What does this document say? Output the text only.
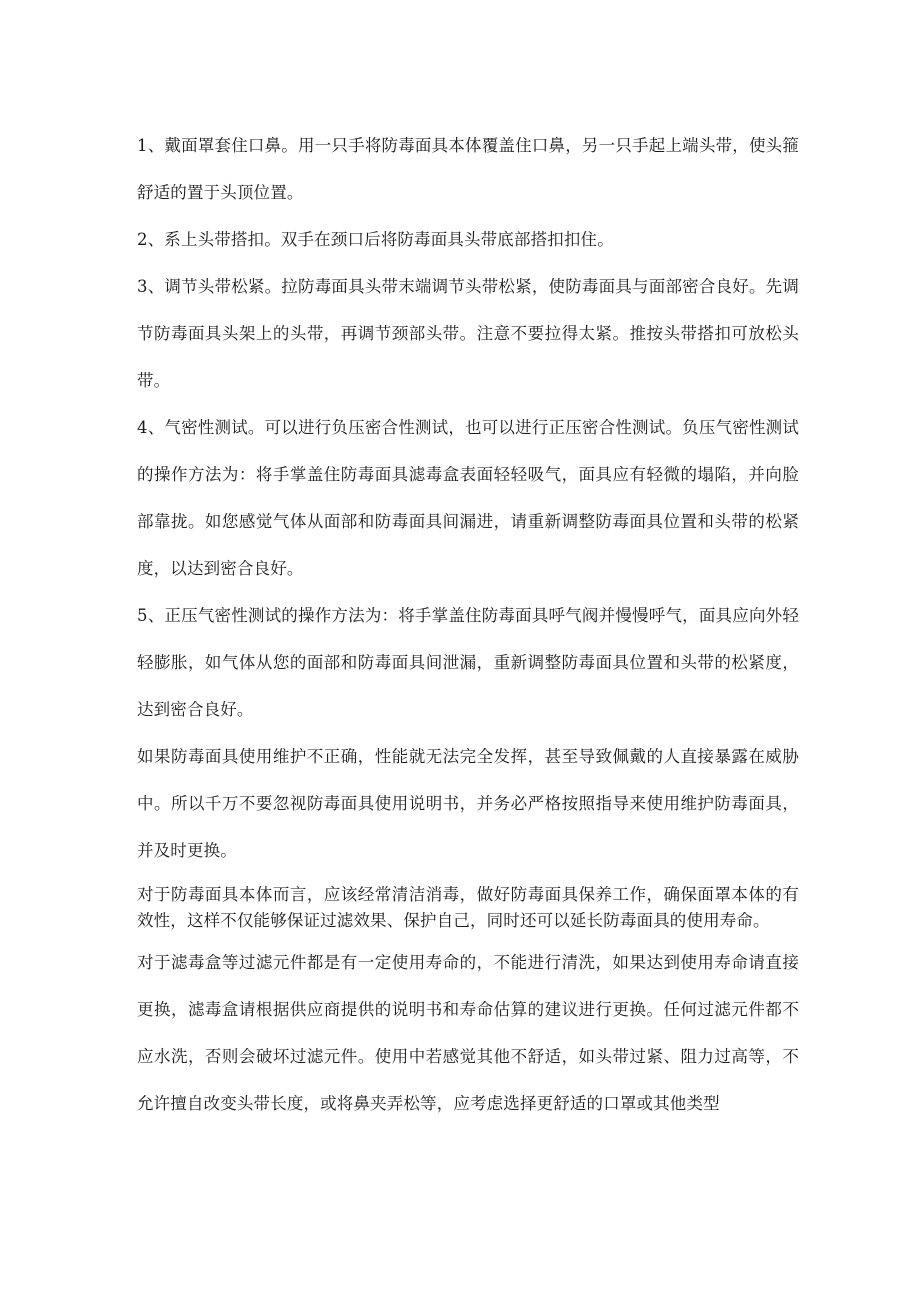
1、戴面罩套住口鼻。用一只手将防毒面具本体覆盖住口鼻，另一只手起上端头带，使头箍舒适的置于头顶位置。

2、系上头带搭扣。双手在颈口后将防毒面具头带底部搭扣扣住。

3、调节头带松紧。拉防毒面具头带末端调节头带松紧，使防毒面具与面部密合良好。先调节防毒面具头架上的头带，再调节颈部头带。注意不要拉得太紧。推按头带搭扣可放松头带。

4、气密性测试。可以进行负压密合性测试，也可以进行正压密合性测试。负压气密性测试的操作方法为：将手掌盖住防毒面具滤毒盒表面轻轻吸气，面具应有轻微的塌陷，并向脸部靠拢。如您感觉气体从面部和防毒面具间漏进，请重新调整防毒面具位置和头带的松紧度，以达到密合良好。

5、正压气密性测试的操作方法为：将手掌盖住防毒面具呼气阀并慢慢呼气，面具应向外轻轻膨胀，如气体从您的面部和防毒面具间泄漏，重新调整防毒面具位置和头带的松紧度，达到密合良好。

如果防毒面具使用维护不正确，性能就无法完全发挥，甚至导致佩戴的人直接暴露在威胁中。所以千万不要忽视防毒面具使用说明书，并务必严格按照指导来使用维护防毒面具，并及时更换。

对于防毒面具本体而言，应该经常清洁消毒，做好防毒面具保养工作，确保面罩本体的有效性，这样不仅能够保证过滤效果、保护自己，同时还可以延长防毒面具的使用寿命。

对于滤毒盒等过滤元件都是有一定使用寿命的，不能进行清洗，如果达到使用寿命请直接更换，滤毒盒请根据供应商提供的说明书和寿命估算的建议进行更换。任何过滤元件都不应水洗，否则会破坏过滤元件。使用中若感觉其他不舒适，如头带过紧、阻力过高等，不允许擅自改变头带长度，或将鼻夹弄松等，应考虑选择更舒适的口罩或其他类型
